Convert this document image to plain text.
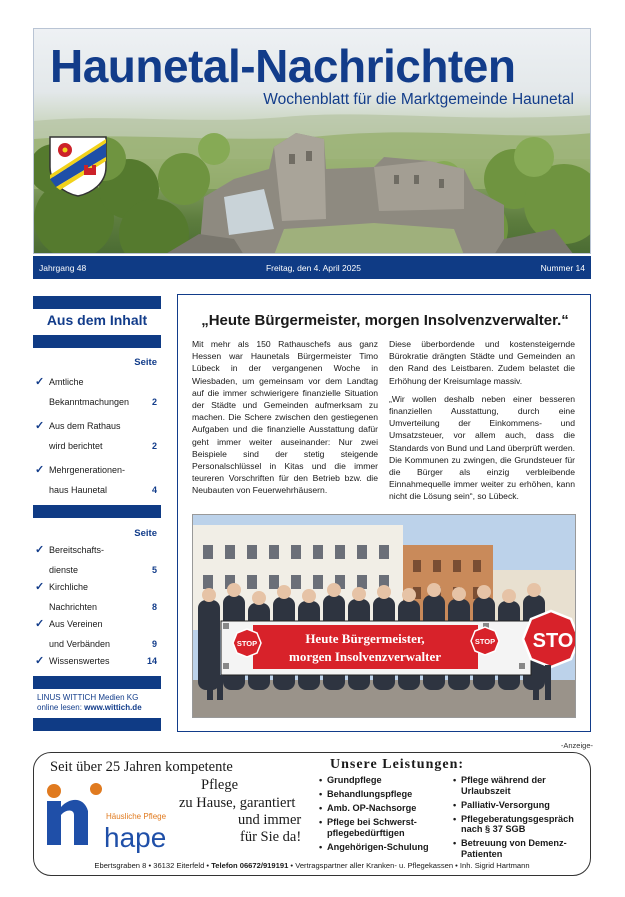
Haunetal-Nachrichten
Wochenblatt für die Marktgemeinde Haunetal
Jahrgang 48	Freitag, den 4. April 2025	Nummer 14
Aus dem Inhalt
Seite
✓ Amtliche
Bekanntmachungen	2
✓ Aus dem Rathaus
wird berichtet	2
✓ Mehrgenerationen-
haus Haunetal	4
Seite
✓ Bereitschafts-
dienste	5
✓ Kirchliche
Nachrichten	8
✓ Aus Vereinen
und Verbänden	9
✓ Wissenswertes	14
LINUS WITTICH Medien KG
online lesen: www.wittich.de
„Heute Bürgermeister, morgen Insolvenzverwalter.“

Mit mehr als 150 Rathauschefs aus ganz Hessen war Haunetals Bürgermeister Timo Lübeck in der vergangenen Woche in Wiesbaden, um gemeinsam vor dem Landtag auf die immer schwierigere finanzielle Situation der Städte und Gemeinden aufmerksam zu machen. Die Schere zwischen den gestiegenen Aufgaben und die finanzielle Ausstattung dafür geht immer weiter auseinander: Nur zwei Beispiele sind der stetig steigende Personalschlüssel in Kitas und die immer teureren Vorschriften für den Betrieb bzw. die Neubauten von Feuerwehrhäusern.

Diese überbordende und kostensteigernde Bürokratie drängten Städte und Gemeinden an den Rand des Leistbaren. Zudem belastet die Erhöhung der Kreisumlage massiv.

„Wir wollen deshalb neben einer besseren finanziellen Ausstattung, durch eine Umverteilung der Einkommens- und Umsatzsteuer, vor allem auch, dass die Standards von Bund und Land überprüft werden. Die Kommunen zu zwingen, die Grundsteuer für die Bürger als einzig verbleibende Einnahmequelle immer weiter zu erhöhen, kann nicht die Lösung sein“, so Lübeck.

Heute Bürgermeister,
morgen Insolvenzverwalter
STOP	STOP STO
-Anzeige-
Seit über 25 Jahren kompetente
Pflege
zu Hause, garantiert
und immer
für Sie da!
Häusliche Pflege
hape
Unsere Leistungen:
• Grundpflege
• Behandlungspflege
• Amb. OP-Nachsorge
• Pflege bei Schwerst-pflegebedürftigen
• Angehörigen-Schulung
• Pflege während der Urlaubszeit
• Palliativ-Versorgung
• Pflegeberatungsgespräch nach § 37 SGB
• Betreuung von Demenz-Patienten
Ebertsgraben 8 • 36132 Eiterfeld • Telefon 06672/919191 • Vertragspartner aller Kranken- u. Pflegekassen • Inh. Sigrid Hartmann
